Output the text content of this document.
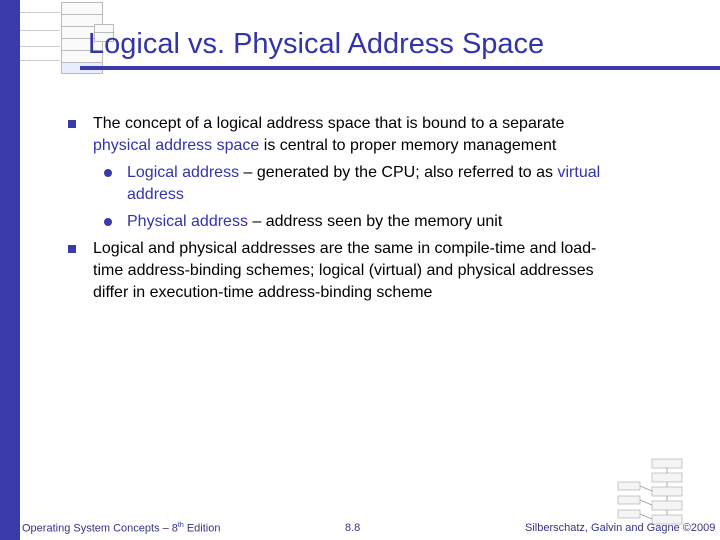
Logical vs. Physical Address Space
The concept of a logical address space that is bound to a separate physical address space is central to proper memory management
Logical address – generated by the CPU; also referred to as virtual address
Physical address – address seen by the memory unit
Logical and physical addresses are the same in compile-time and load-time address-binding schemes; logical (virtual) and physical addresses differ in execution-time address-binding scheme
Operating System Concepts – 8th Edition	8.8	Silberschatz, Galvin and Gagne ©2009
